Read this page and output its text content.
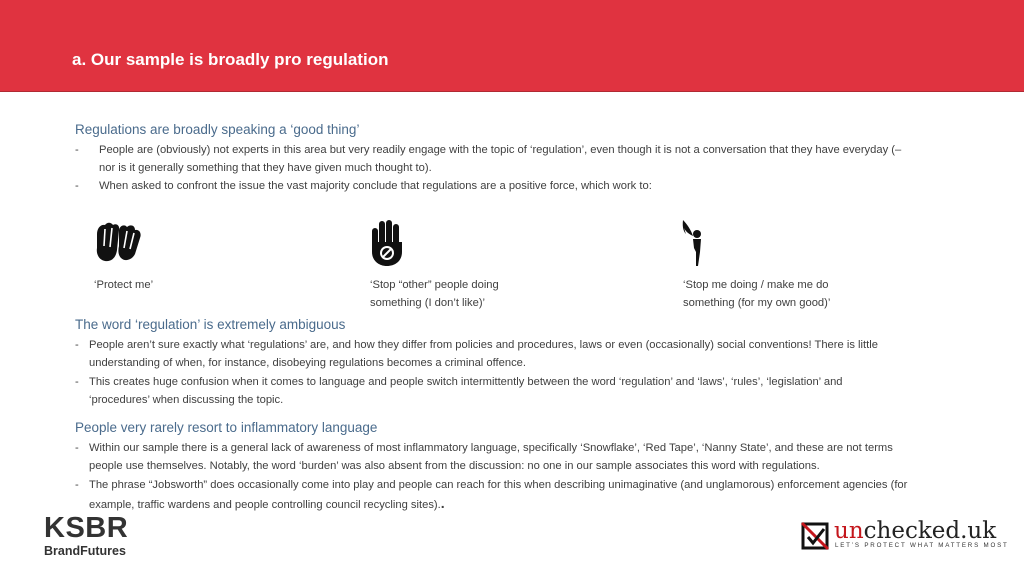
a. Our sample is broadly pro regulation
Regulations are broadly speaking a ‘good thing’
-	People are (obviously) not experts in this area but very readily engage with the topic of ‘regulation’, even though it is not a conversation that they have everyday (–
nor is it generally something that they have given much thought to).
-	When asked to confront the issue the vast majority conclude that regulations are a positive force, which work to:
‘Protect me’	‘Stop “other” people doing
something (I don’t like)’
‘Stop me doing / make me do
something (for my own good)’
The word ‘regulation’ is extremely ambiguous
- People aren’t sure exactly what ‘regulations’ are, and how they differ from policies and procedures, laws or even (occasionally) social conventions! There is little
understanding of when, for instance, disobeying regulations becomes a criminal offence.
- This creates huge confusion when it comes to language and people switch intermittently between the word ‘regulation’ and ‘laws’, ‘rules’, ‘legislation’ and
‘procedures’ when discussing the topic.
People very rarely resort to inflammatory language
- Within our sample there is a general lack of awareness of most inflammatory language, specifically ‘Snowflake’, ‘Red Tape’, ‘Nanny State’, and these are not terms
people use themselves. Notably, the word ‘burden’ was also absent from the discussion: no one in our sample associates this word with regulations.
- The phrase “Jobsworth” does occasionally come into play and people can reach for this when describing unimaginative (and unglamorous) enforcement agencies (for
example, traffic wardens and people controlling council recycling sites)..
KSBR
BrandFutures
unchecked.uk
LET’S PROTECT WHAT MATTERS MOST
